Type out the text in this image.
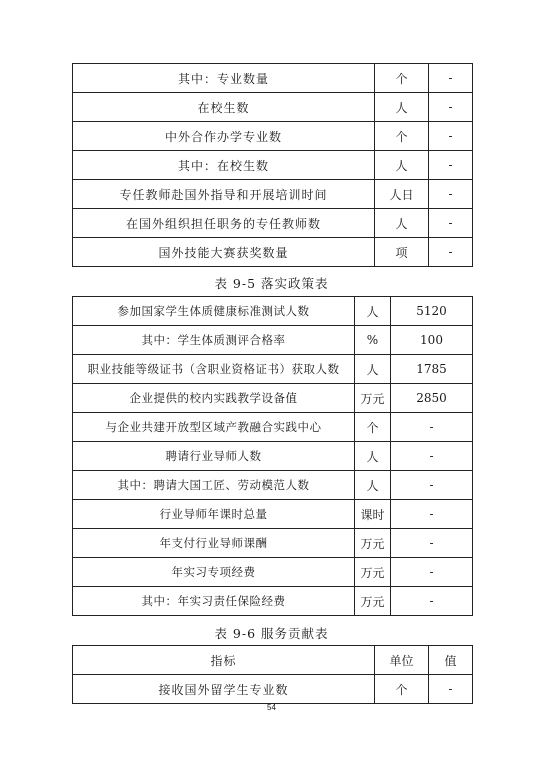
其中：专业数量	个	-
在校生数	人	-
中外合作办学专业数	个	-
其中：在校生数	人	-
专任教师赴国外指导和开展培训时间	人日	-
在国外组织担任职务的专任教师数	人	-
国外技能大赛获奖数量	项	-
表 9-5 落实政策表
参加国家学生体质健康标准测试人数	人	5120
其中：学生体质测评合格率	%	100
职业技能等级证书（含职业资格证书）获取人数	人	1785
企业提供的校内实践教学设备值	万元	2850
与企业共建开放型区域产教融合实践中心	个	-
聘请行业导师人数	人	-
其中：聘请大国工匠、劳动模范人数	人	-
行业导师年课时总量	课时	-
年支付行业导师课酬	万元	-
年实习专项经费	万元	-
其中：年实习责任保险经费	万元	-
表 9-6 服务贡献表
指标	单位	值
接收国外留学生专业数	个	-
54
